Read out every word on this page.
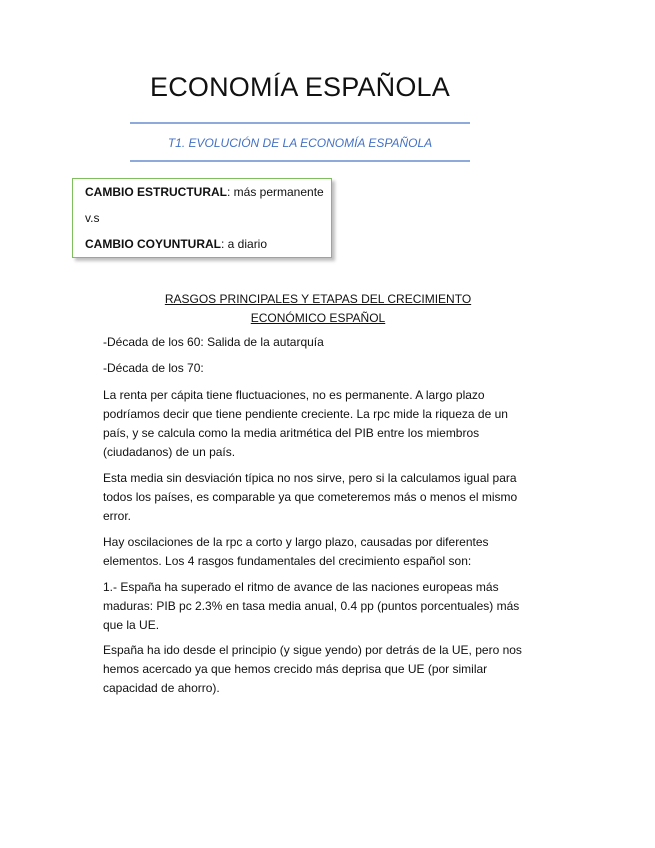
ECONOMÍA ESPAÑOLA
T1. EVOLUCIÓN DE LA ECONOMÍA ESPAÑOLA
CAMBIO ESTRUCTURAL: más permanente
v.s
CAMBIO COYUNTURAL: a diario
RASGOS PRINCIPALES Y ETAPAS DEL CRECIMIENTO ECONÓMICO ESPAÑOL
-Década de los 60: Salida de la autarquía
-Década de los 70:
La renta per cápita tiene fluctuaciones, no es permanente. A largo plazo podríamos decir que tiene pendiente creciente. La rpc mide la riqueza de un país, y se calcula como la media aritmética del PIB entre los miembros (ciudadanos) de un país.
Esta media sin desviación típica no nos sirve, pero si la calculamos igual para todos los países, es comparable ya que cometeremos más o menos el mismo error.
Hay oscilaciones de la rpc a corto y largo plazo, causadas por diferentes elementos. Los 4 rasgos fundamentales del crecimiento español son:
1.- España ha superado el ritmo de avance de las naciones europeas más maduras: PIB pc 2.3% en tasa media anual, 0.4 pp (puntos porcentuales) más que la UE.
España ha ido desde el principio (y sigue yendo) por detrás de la UE, pero nos hemos acercado ya que hemos crecido más deprisa que UE (por similar capacidad de ahorro).
